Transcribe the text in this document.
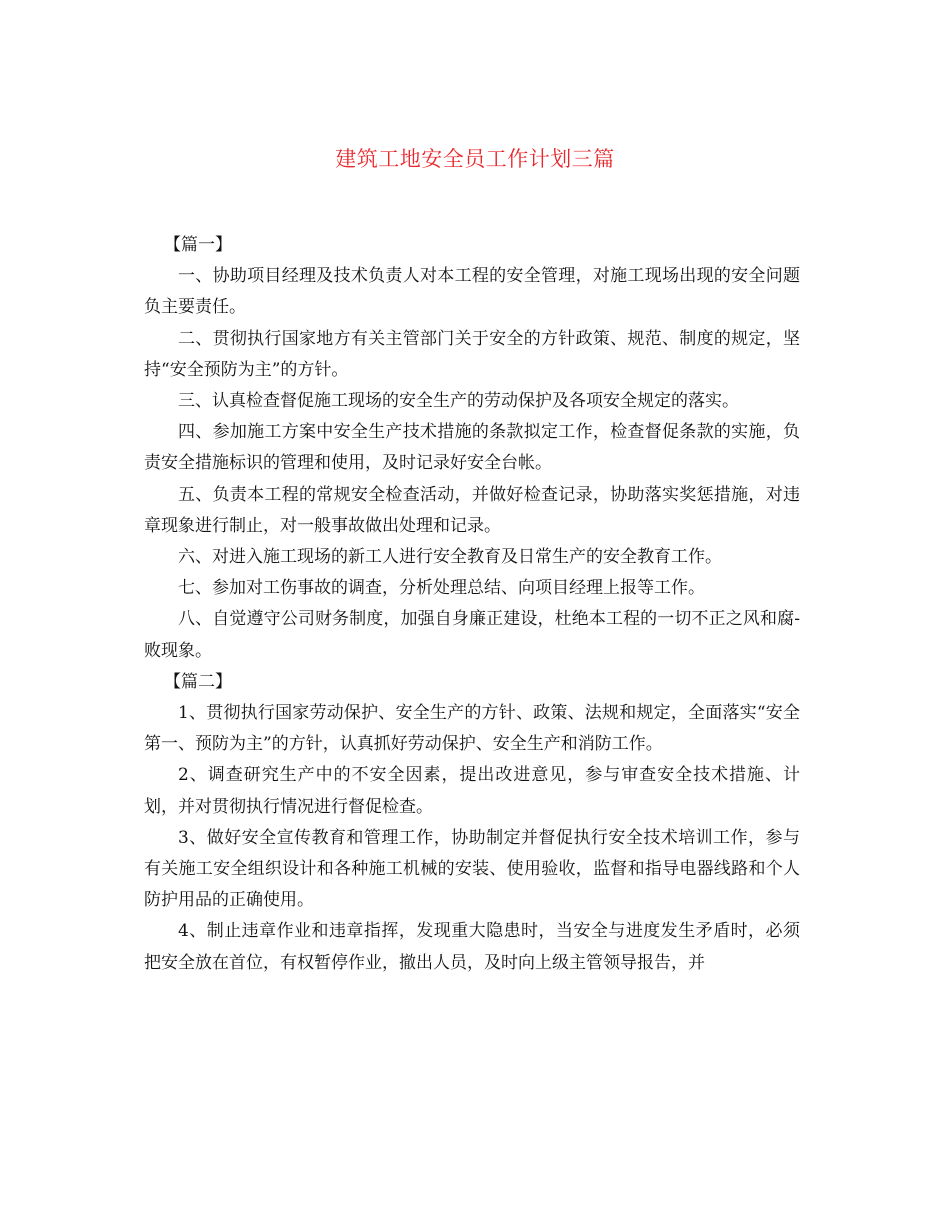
建筑工地安全员工作计划三篇

【篇一】

一、协助项目经理及技术负责人对本工程的安全管理，对施工现场出现的安全问题负主要责任。

二、贯彻执行国家地方有关主管部门关于安全的方针政策、规范、制度的规定，坚持“安全预防为主”的方针。

三、认真检查督促施工现场的安全生产的劳动保护及各项安全规定的落实。

四、参加施工方案中安全生产技术措施的条款拟定工作，检查督促条款的实施，负责安全措施标识的管理和使用，及时记录好安全台帐。

五、负责本工程的常规安全检查活动，并做好检查记录，协助落实奖惩措施，对违章现象进行制止，对一般事故做出处理和记录。

六、对进入施工现场的新工人进行安全教育及日常生产的安全教育工作。

七、参加对工伤事故的调查，分析处理总结、向项目经理上报等工作。

八、自觉遵守公司财务制度，加强自身廉正建设，杜绝本工程的一切不正之风和腐-败现象。

【篇二】

1、贯彻执行国家劳动保护、安全生产的方针、政策、法规和规定，全面落实“安全第一、预防为主”的方针，认真抓好劳动保护、安全生产和消防工作。

2、调查研究生产中的不安全因素，提出改进意见，参与审查安全技术措施、计划，并对贯彻执行情况进行督促检查。

3、做好安全宣传教育和管理工作，协助制定并督促执行安全技术培训工作，参与有关施工安全组织设计和各种施工机械的安装、使用验收，监督和指导电器线路和个人防护用品的正确使用。

4、制止违章作业和违章指挥，发现重大隐患时，当安全与进度发生矛盾时，必须把安全放在首位，有权暂停作业，撤出人员，及时向上级主管领导报告，并
